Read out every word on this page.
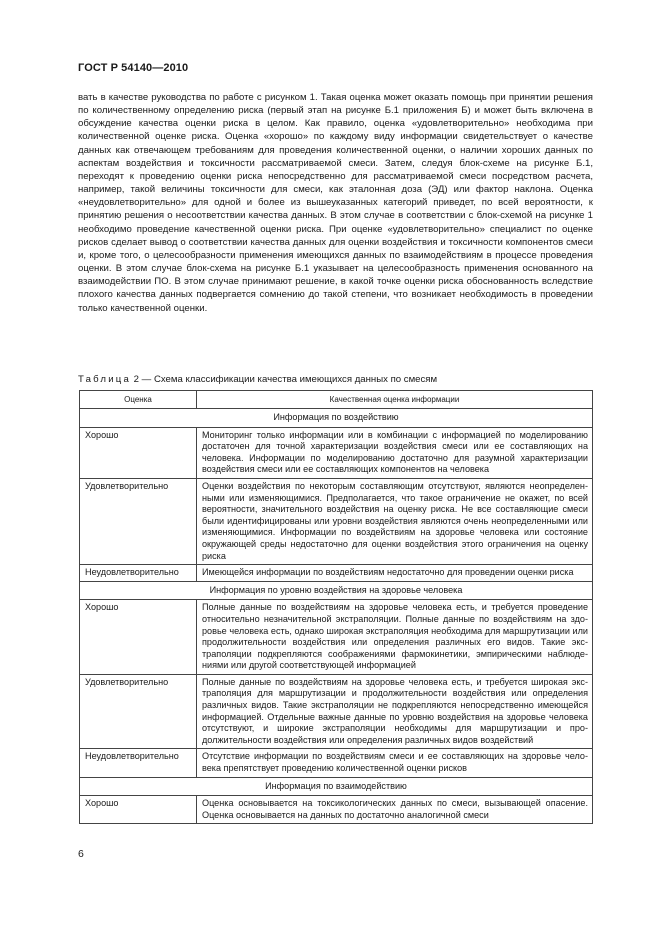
ГОСТ Р 54140—2010

вать в качестве руководства по работе с рисунком 1. Такая оценка может оказать помощь при принятии решения по количественному определению риска (первый этап на рисунке Б.1 приложения Б) и может быть включена в обсуждение качества оценки риска в целом. Как правило, оценка «удовлетворительно» необходима при количественной оценке риска. Оценка «хорошо» по каждому виду информации свидетельствует о качестве данных как отвечающем требованиям для проведения количественной оценки, о наличии хороших данных по аспектам воздействия и токсичности рассматриваемой смеси. Затем, следуя блок-схеме на рисунке Б.1, переходят к проведению оценки риска непосредственно для рассматриваемой смеси посредством расчета, например, такой величины токсичности для смеси, как эталонная доза (ЭД) или фактор наклона. Оценка «неудовлетворительно» для одной и более из вышеуказанных категорий приведет, по всей вероятности, к принятию решения о несоответствии качества данных. В этом случае в соответствии с блок-схемой на рисунке 1 необходимо проведение качественной оценки риска. При оценке «удовлетворительно» специалист по оценке рисков сделает вывод о соответствии качества данных для оценки воздействия и токсичности компонентов смеси и, кроме того, о целесообразности применения имеющихся данных по взаимодействиям в процессе проведения оценки. В этом случае блок-схема на рисунке Б.1 указывает на целесообразность применения основанного на взаимодействии ПО. В этом случае принимают решение, в какой точке оценки риска обоснованность вследствие плохого качества данных подвергается сомнению до такой степени, что возникает необходимость в проведении только качественной оценки.

Таблица 2 — Схема классификации качества имеющихся данных по смесям
Оценка	Качественная оценка информации
Информация по воздействию	
Хорошо	Мониторинг только информации или в комбинации с информацией по моделированию достаточен для точной характеризации воздействия смеси или ее составляющих на человека. Информации по моделированию достаточно для разумной характеризации воздействия смеси или ее составляющих компонентов на человека
Удовлетворительно	Оценки воздействия по некоторым составляющим отсутствуют, являются неопределенными или изменяющимися. Предполагается, что такое ограничение не окажет, по всей вероятности, значительного воздействия на оценку риска. Не все составляющие смеси были идентифицированы или уровни воздействия являются очень неопределенными или изменяющимися. Информации по воздействиям на здоровье человека или состояние окружающей среды недостаточно для оценки воздействия этого ограничения на оценку риска
Неудовлетворительно	Имеющейся информации по воздействиям недостаточно для проведении оценки риска
Информация по уровню воздействия на здоровье человека	
Хорошо	Полные данные по воздействиям на здоровье человека есть, и требуется проведение относительно незначительной экстраполяции. Полные данные по воздействиям на здоровье человека есть, однако широкая экстраполяция необходима для маршрутизации или продолжительности воздействия или определения различных его видов. Такие экстраполяции подкрепляются соображениями фармокинетики, эмпирическими наблюдениями или другой соответствующей информацией
Удовлетворительно	Полные данные по воздействиям на здоровье человека есть, и требуется широкая экстраполяция для маршрутизации и продолжительности воздействия или определения различных видов. Такие экстраполяции не подкрепляются непосредственно имеющейся информацией. Отдельные важные данные по уровню воздействия на здоровье человека отсутствуют, и широкие экстраполяции необходимы для маршрутизации и продолжительности воздействия или определения различных видов воздействий
Неудовлетворительно	Отсутствие информации по воздействиям смеси и ее составляющих на здоровье человека препятствует проведению количественной оценки рисков
Информация по взаимодействию	
Хорошо	Оценка основывается на токсикологических данных по смеси, вызывающей опасение. Оценка основывается на данных по достаточно аналогичной смеси
6
